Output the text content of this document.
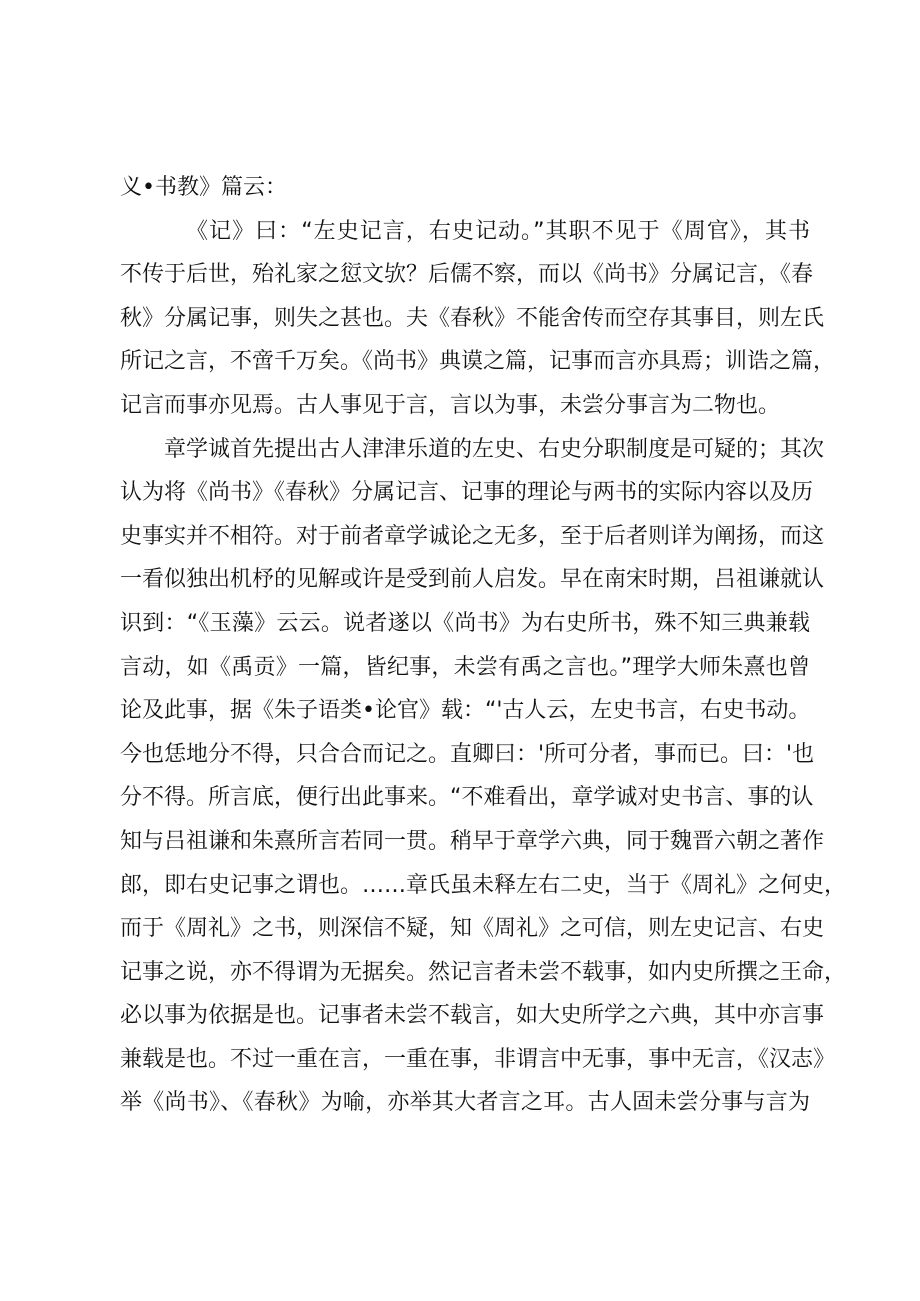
义•书教》篇云：
《记》曰：“左史记言，右史记动。”其职不见于《周官》，其书
不传于后世，殆礼家之愆文欤？后儒不察，而以《尚书》分属记言，《春
秋》分属记事，则失之甚也。夫《春秋》不能舍传而空存其事目，则左氏
所记之言，不啻千万矣。《尚书》典谟之篇，记事而言亦具焉；训诰之篇，
记言而事亦见焉。古人事见于言，言以为事，未尝分事言为二物也。
章学诚首先提出古人津津乐道的左史、右史分职制度是可疑的；其次
认为将《尚书》《春秋》分属记言、记事的理论与两书的实际内容以及历
史事实并不相符。对于前者章学诚论之无多，至于后者则详为阐扬，而这
一看似独出机杼的见解或许是受到前人启发。早在南宋时期，吕祖谦就认
识到：“《玉藻》云云。说者遂以《尚书》为右史所书，殊不知三典兼载
言动，如《禹贡》一篇，皆纪事，未尝有禹之言也。”理学大师朱熹也曾
论及此事，据《朱子语类•论官》载：“'古人云，左史书言，右史书动。
今也恁地分不得，只合合而记之。直卿曰：'所可分者，事而已。曰：'也
分不得。所言底，便行出此事来。“不难看出，章学诚对史书言、事的认
知与吕祖谦和朱熹所言若同一贯。稍早于章学六典，同于魏晋六朝之著作
郎，即右史记事之谓也。……章氏虽未释左右二史，当于《周礼》之何史，
而于《周礼》之书，则深信不疑，知《周礼》之可信，则左史记言、右史
记事之说，亦不得谓为无据矣。然记言者未尝不载事，如内史所撰之王命，
必以事为依据是也。记事者未尝不载言，如大史所学之六典，其中亦言事
兼载是也。不过一重在言，一重在事，非谓言中无事，事中无言，《汉志》
举《尚书》、《春秋》为喻，亦举其大者言之耳。古人固未尝分事与言为
